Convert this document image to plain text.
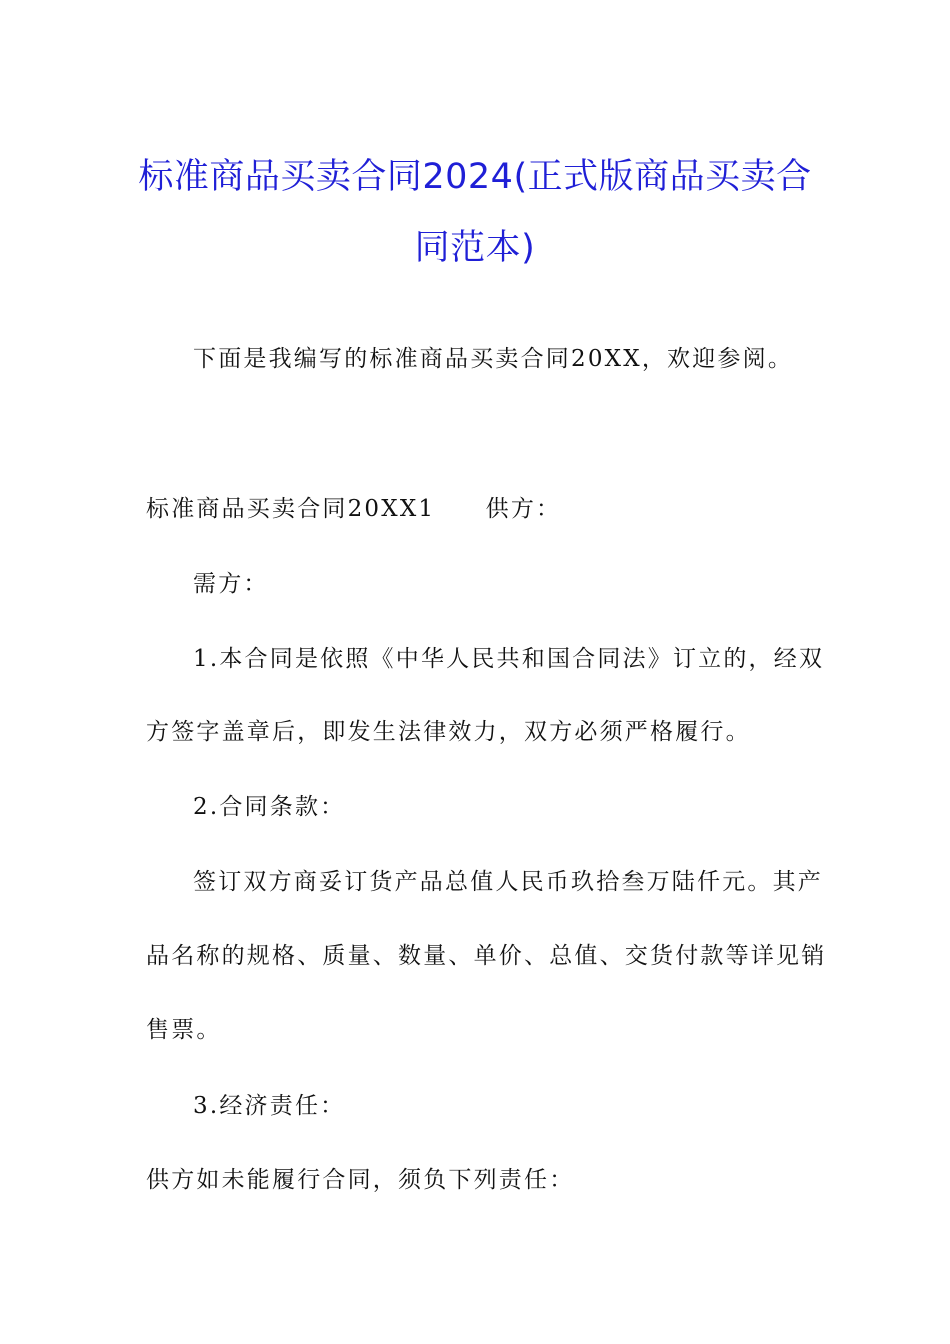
标准商品买卖合同2024(正式版商品买卖合
同范本)

下面是我编写的标准商品买卖合同20XX，欢迎参阅。

标准商品买卖合同20XX1　　供方：

需方：

1.本合同是依照《中华人民共和国合同法》订立的，经双

方签字盖章后，即发生法律效力，双方必须严格履行。

2.合同条款：

签订双方商妥订货产品总值人民币玖拾叁万陆仟元。其产

品名称的规格、质量、数量、单价、总值、交货付款等详见销

售票。

3.经济责任：

供方如未能履行合同，须负下列责任：
